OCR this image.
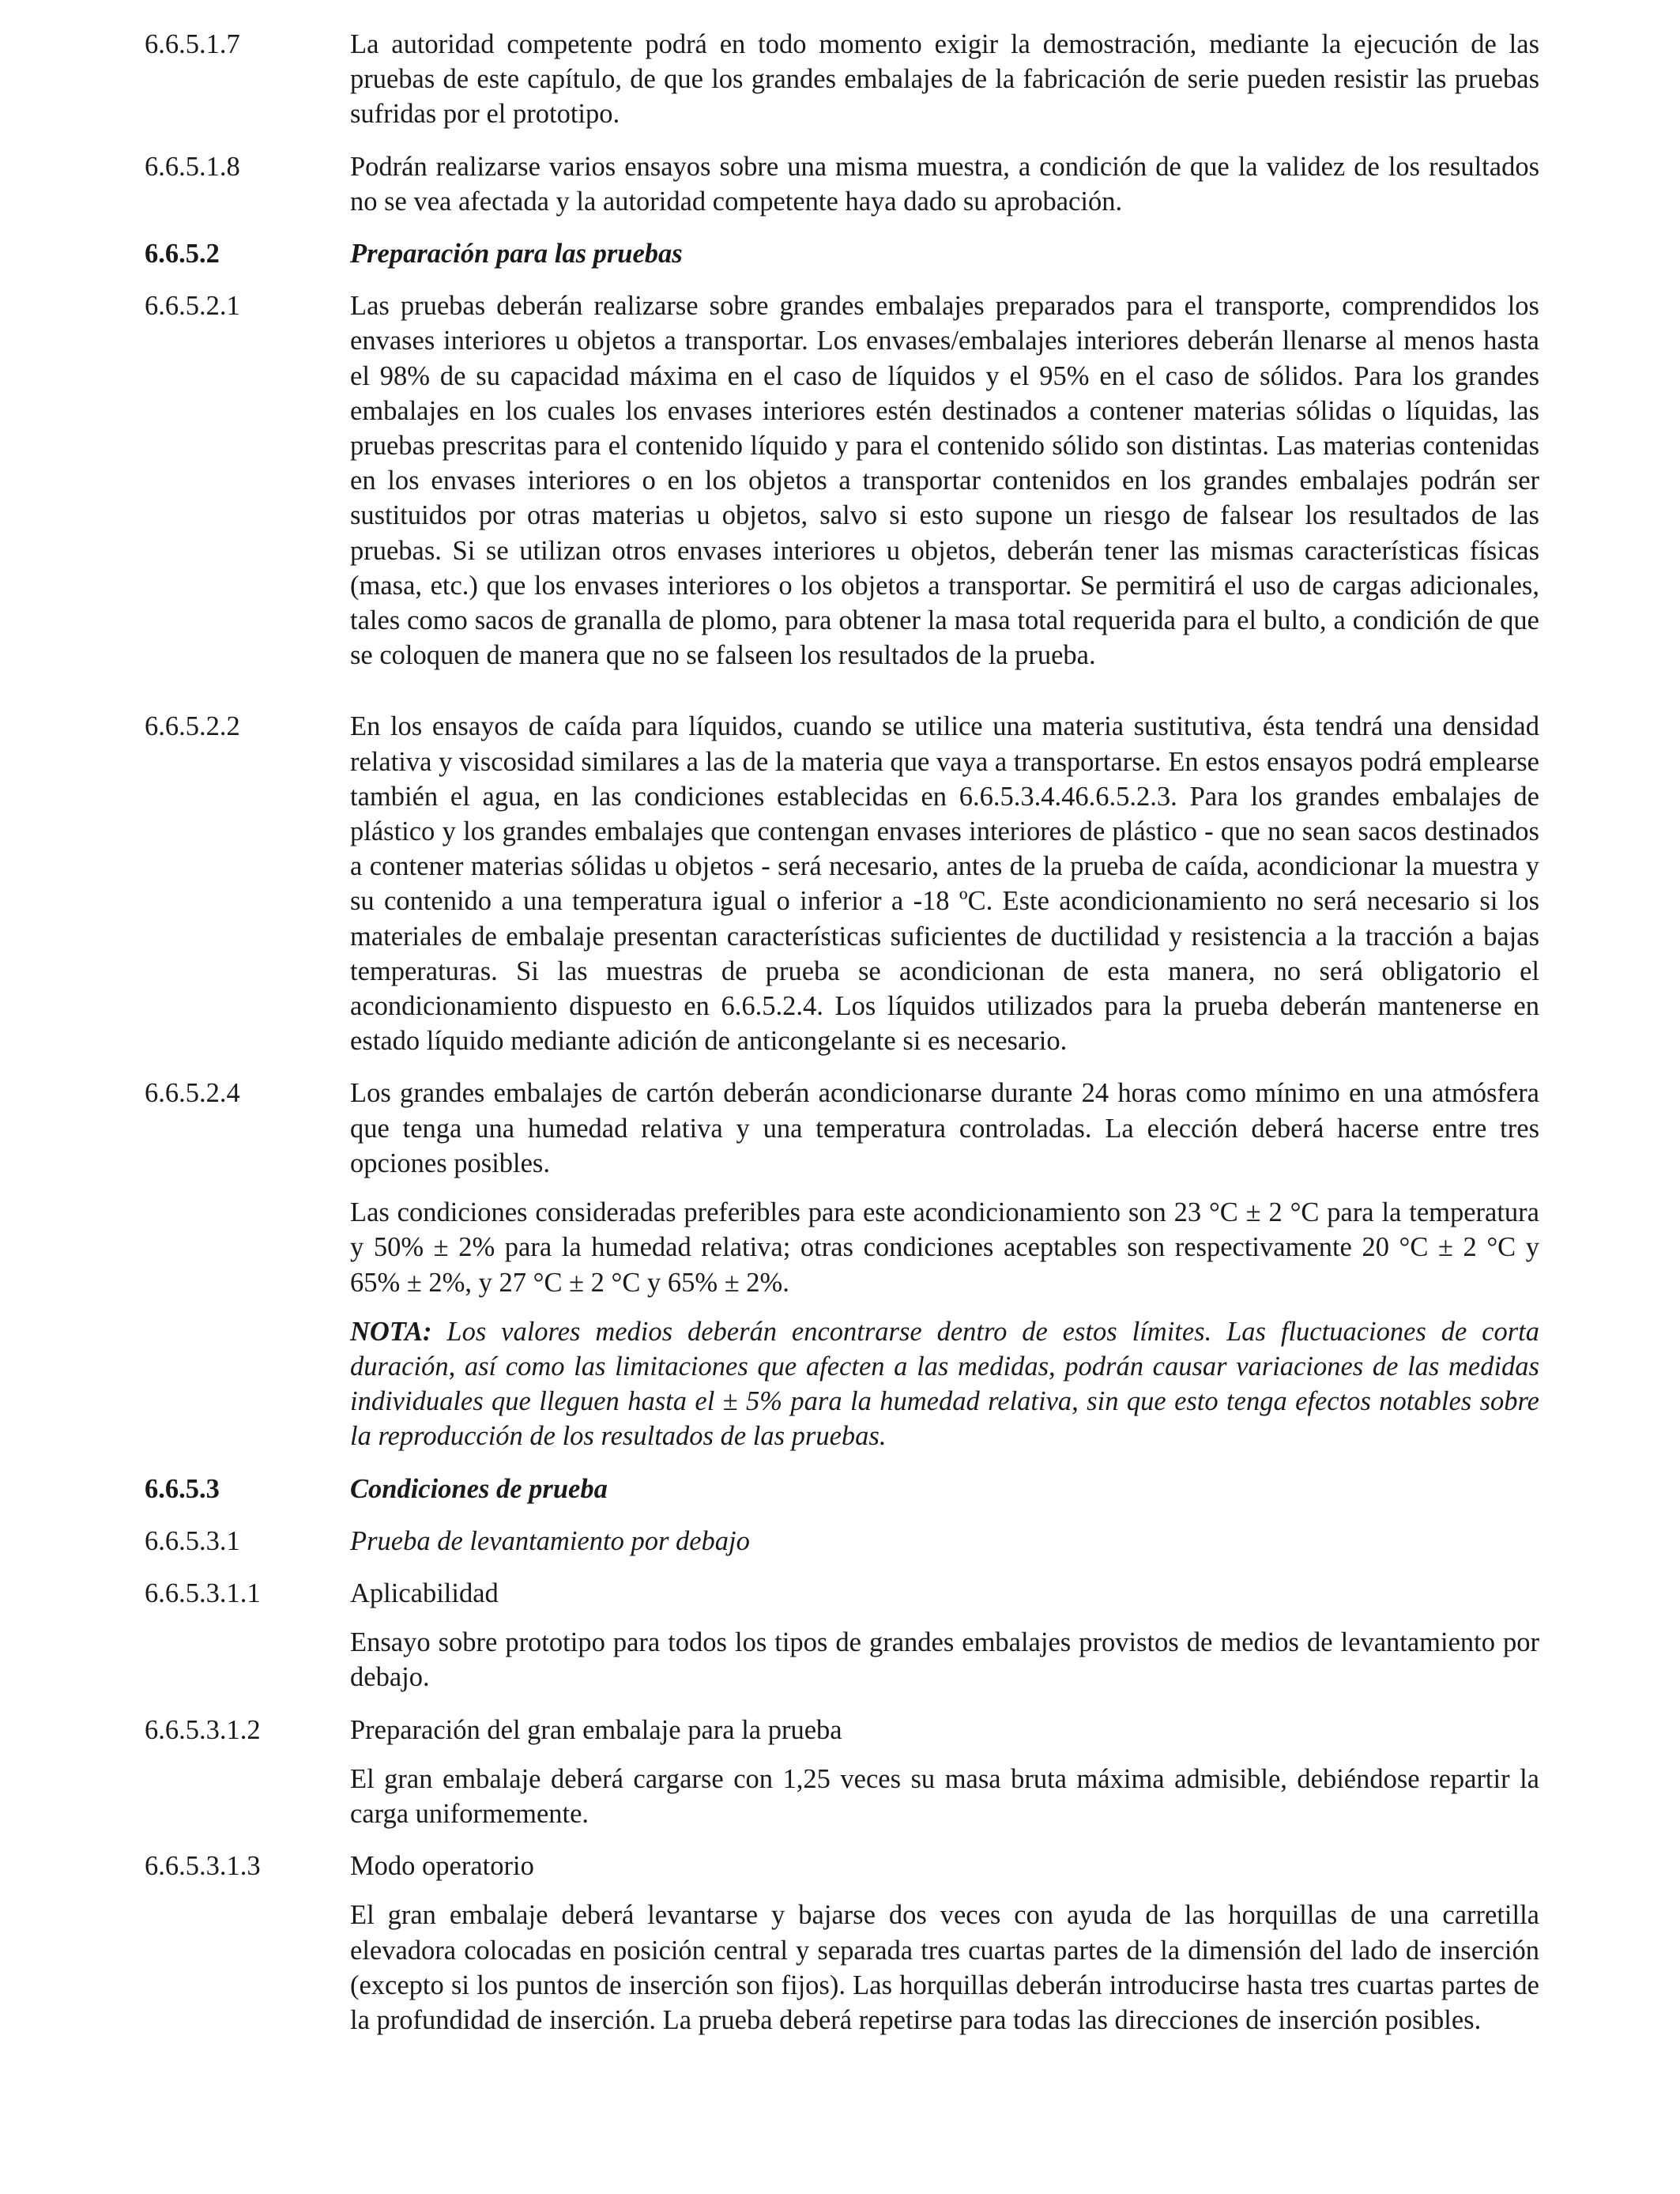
6.6.5.1.7	La autoridad competente podrá en todo momento exigir la demostración, mediante la ejecución de las pruebas de este capítulo, de que los grandes embalajes de la fabricación de serie pueden resistir las pruebas sufridas por el prototipo.
6.6.5.1.8	Podrán realizarse varios ensayos sobre una misma muestra, a condición de que la validez de los resultados no se vea afectada y la autoridad competente haya dado su aprobación.
6.6.5.2	Preparación para las pruebas
6.6.5.2.1	Las pruebas deberán realizarse sobre grandes embalajes preparados para el transporte, comprendidos los envases interiores u objetos a transportar. Los envases/embalajes interiores deberán llenarse al menos hasta el 98% de su capacidad máxima en el caso de líquidos y el 95% en el caso de sólidos. Para los grandes embalajes en los cuales los envases interiores estén destinados a contener materias sólidas o líquidas, las pruebas prescritas para el contenido líquido y para el contenido sólido son distintas. Las materias contenidas en los envases interiores o en los objetos a transportar contenidos en los grandes embalajes podrán ser sustituidos por otras materias u objetos, salvo si esto supone un riesgo de falsear los resultados de las pruebas. Si se utilizan otros envases interiores u objetos, deberán tener las mismas características físicas (masa, etc.) que los envases interiores o los objetos a transportar. Se permitirá el uso de cargas adicionales, tales como sacos de granalla de plomo, para obtener la masa total requerida para el bulto, a condición de que se coloquen de manera que no se falseen los resultados de la prueba.
6.6.5.2.2	En los ensayos de caída para líquidos, cuando se utilice una materia sustitutiva, ésta tendrá una densidad relativa y viscosidad similares a las de la materia que vaya a transportarse. En estos ensayos podrá emplearse también el agua, en las condiciones establecidas en 6.6.5.3.4.46.6.5.2.3. Para los grandes embalajes de plástico y los grandes embalajes que contengan envases interiores de plástico - que no sean sacos destinados a contener materias sólidas u objetos - será necesario, antes de la prueba de caída, acondicionar la muestra y su contenido a una temperatura igual o inferior a -18 ºC. Este acondicionamiento no será necesario si los materiales de embalaje presentan características suficientes de ductilidad y resistencia a la tracción a bajas temperaturas. Si las muestras de prueba se acondicionan de esta manera, no será obligatorio el acondicionamiento dispuesto en 6.6.5.2.4. Los líquidos utilizados para la prueba deberán mantenerse en estado líquido mediante adición de anticongelante si es necesario.
6.6.5.2.4	Los grandes embalajes de cartón deberán acondicionarse durante 24 horas como mínimo en una atmósfera que tenga una humedad relativa y una temperatura controladas. La elección deberá hacerse entre tres opciones posibles.
Las condiciones consideradas preferibles para este acondicionamiento son 23 °C ± 2 °C para la temperatura y 50% ± 2% para la humedad relativa; otras condiciones aceptables son respectivamente 20 °C ± 2 °C y 65% ± 2%, y 27 °C ± 2 °C y 65% ± 2%.
NOTA: Los valores medios deberán encontrarse dentro de estos límites. Las fluctuaciones de corta duración, así como las limitaciones que afecten a las medidas, podrán causar variaciones de las medidas individuales que lleguen hasta el ± 5% para la humedad relativa, sin que esto tenga efectos notables sobre la reproducción de los resultados de las pruebas.
6.6.5.3	Condiciones de prueba
6.6.5.3.1	Prueba de levantamiento por debajo
6.6.5.3.1.1	Aplicabilidad
Ensayo sobre prototipo para todos los tipos de grandes embalajes provistos de medios de levantamiento por debajo.
6.6.5.3.1.2	Preparación del gran embalaje para la prueba
El gran embalaje deberá cargarse con 1,25 veces su masa bruta máxima admisible, debiéndose repartir la carga uniformemente.
6.6.5.3.1.3	Modo operatorio
El gran embalaje deberá levantarse y bajarse dos veces con ayuda de las horquillas de una carretilla elevadora colocadas en posición central y separada tres cuartas partes de la dimensión del lado de inserción (excepto si los puntos de inserción son fijos). Las horquillas deberán introducirse hasta tres cuartas partes de la profundidad de inserción. La prueba deberá repetirse para todas las direcciones de inserción posibles.
